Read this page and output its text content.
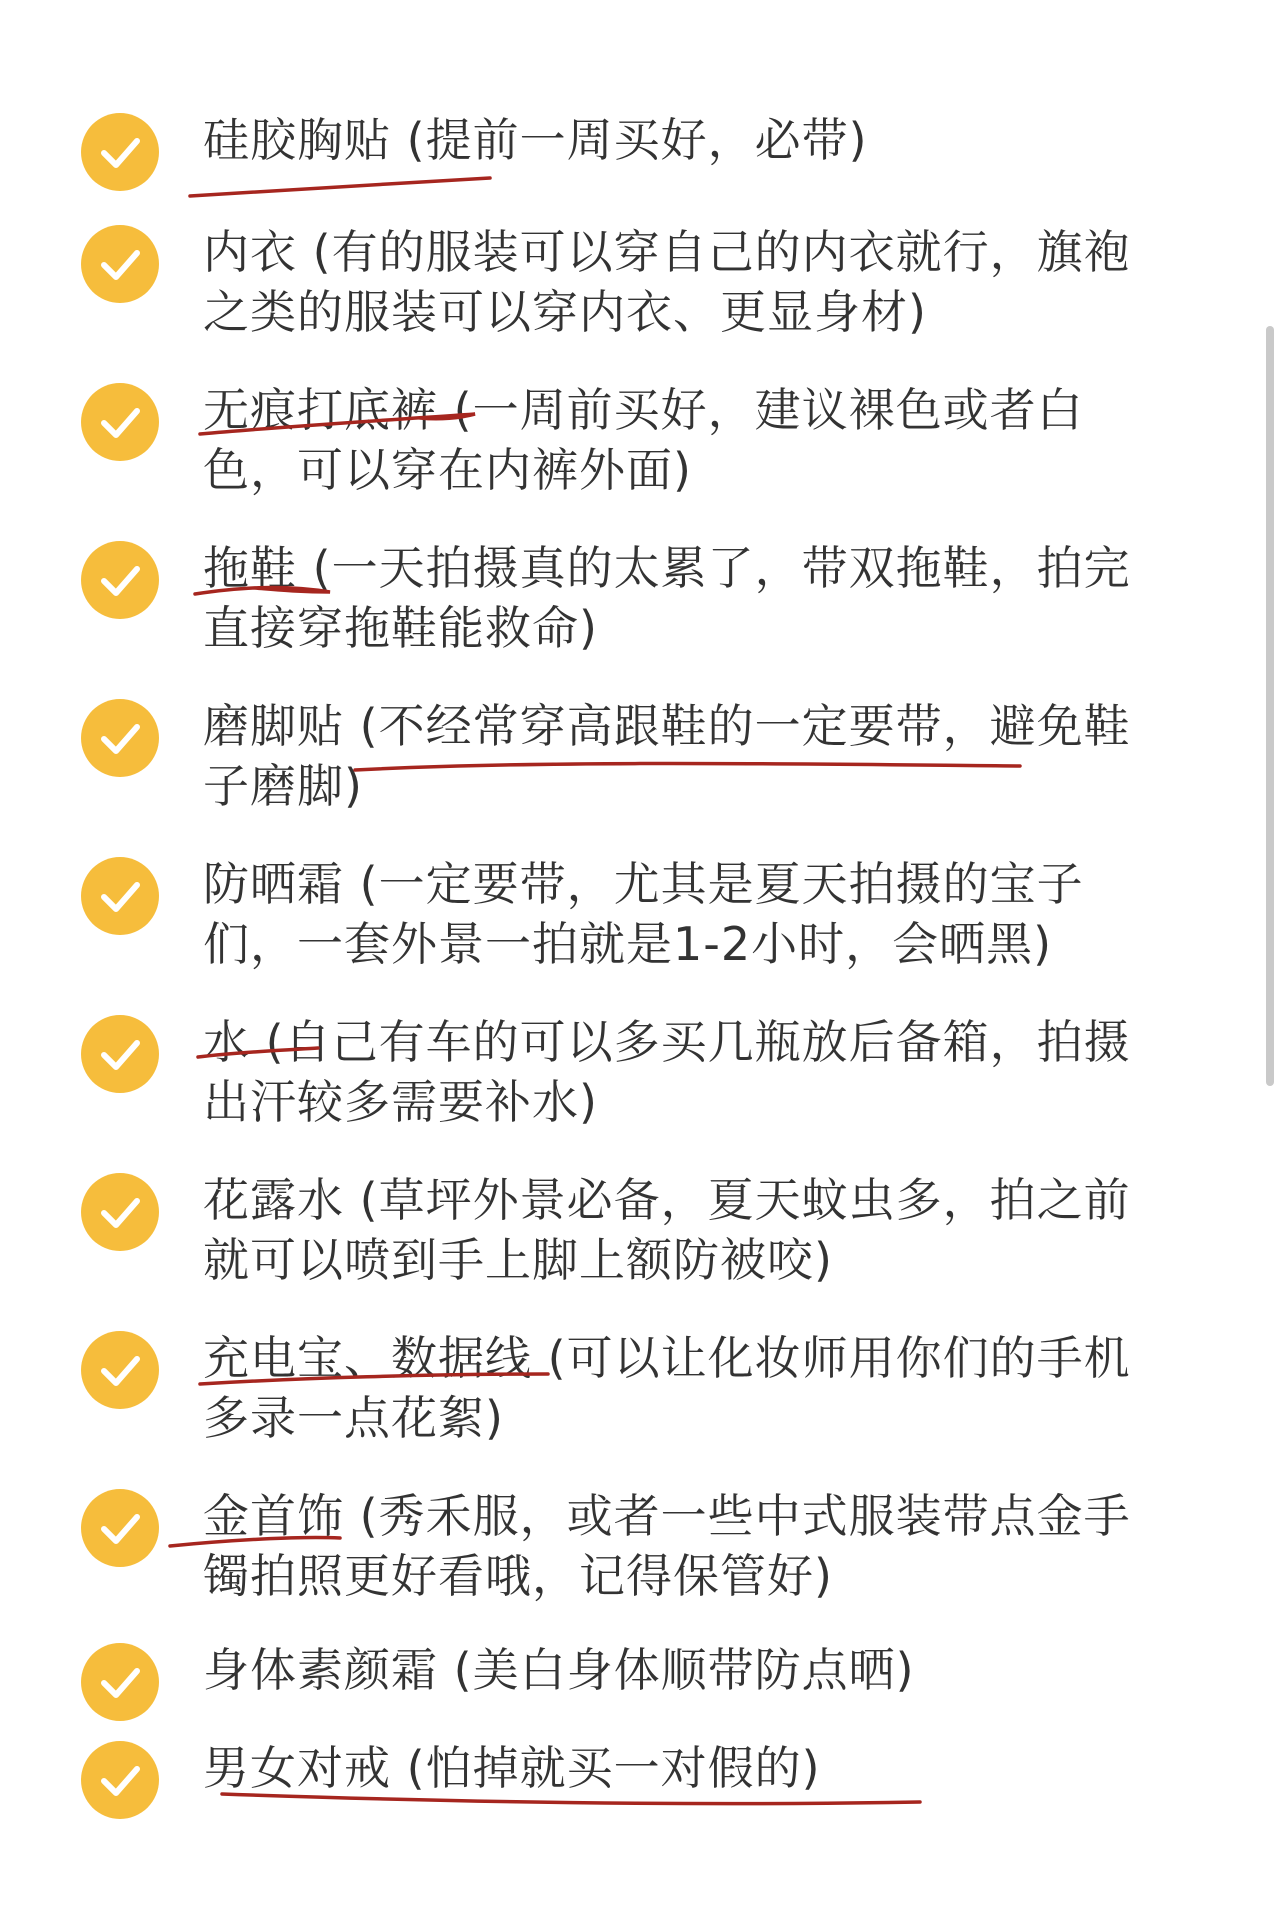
硅胶胸贴 (提前一周买好，必带)
内衣 (有的服装可以穿自己的内衣就行，旗袍
之类的服装可以穿内衣、更显身材)
无痕打底裤 (一周前买好，建议裸色或者白
色，可以穿在内裤外面)
拖鞋 (一天拍摄真的太累了，带双拖鞋，拍完
直接穿拖鞋能救命)
磨脚贴 (不经常穿高跟鞋的一定要带，避免鞋
子磨脚)
防晒霜 (一定要带，尤其是夏天拍摄的宝子
们，一套外景一拍就是1-2小时，会晒黑)
水 (自己有车的可以多买几瓶放后备箱，拍摄
出汗较多需要补水)
花露水 (草坪外景必备，夏天蚊虫多，拍之前
就可以喷到手上脚上额防被咬)
充电宝、数据线 (可以让化妆师用你们的手机
多录一点花絮)
金首饰 (秀禾服，或者一些中式服装带点金手
镯拍照更好看哦，记得保管好)
身体素颜霜 (美白身体顺带防点晒)
男女对戒 (怕掉就买一对假的)
